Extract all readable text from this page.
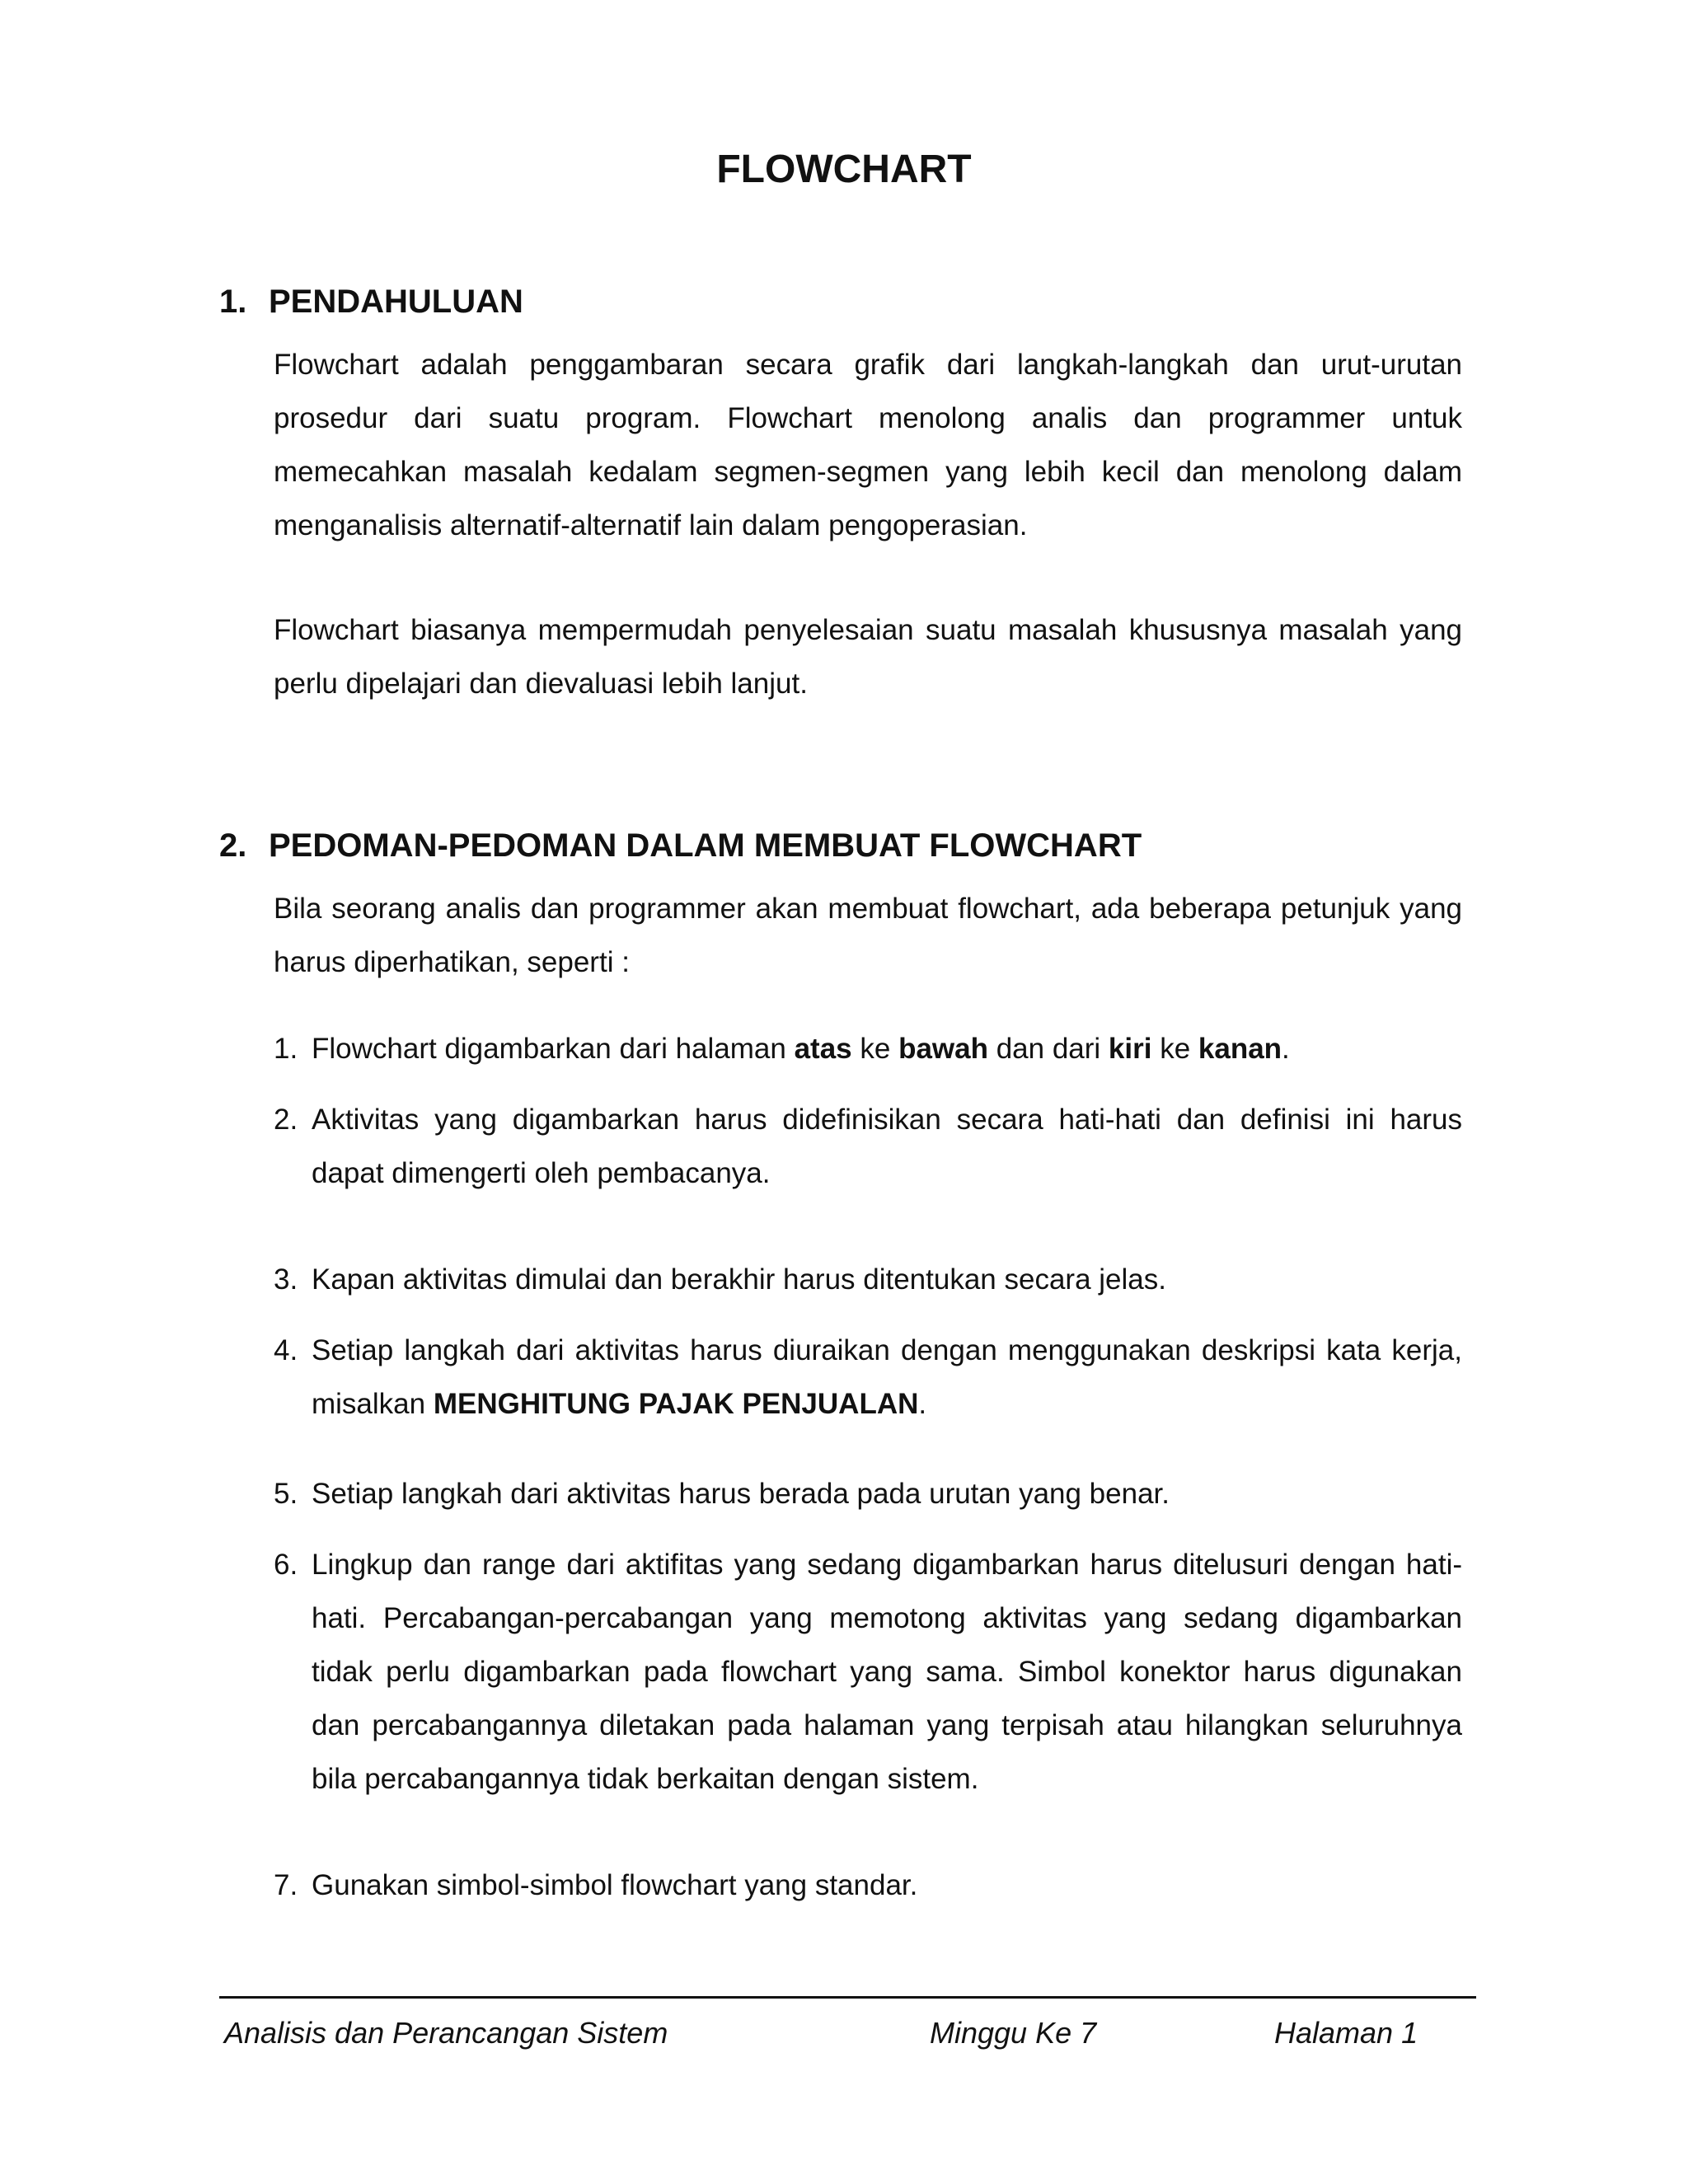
FLOWCHART
1. PENDAHULUAN

Flowchart adalah penggambaran secara grafik dari langkah-langkah dan urut-urutan prosedur dari suatu program. Flowchart menolong analis dan programmer untuk memecahkan masalah kedalam segmen-segmen yang lebih kecil dan menolong dalam menganalisis alternatif-alternatif lain dalam pengoperasian.

Flowchart biasanya mempermudah penyelesaian suatu masalah khususnya masalah yang perlu dipelajari dan dievaluasi lebih lanjut.

2. PEDOMAN-PEDOMAN DALAM MEMBUAT FLOWCHART

Bila seorang analis dan programmer akan membuat flowchart, ada beberapa petunjuk yang harus diperhatikan, seperti :

1. Flowchart digambarkan dari halaman atas ke bawah dan dari kiri ke kanan.
2. Aktivitas yang digambarkan harus didefinisikan secara hati-hati dan definisi ini harus dapat dimengerti oleh pembacanya.
3. Kapan aktivitas dimulai dan berakhir harus ditentukan secara jelas.
4. Setiap langkah dari aktivitas harus diuraikan dengan menggunakan deskripsi kata kerja, misalkan MENGHITUNG PAJAK PENJUALAN.
5. Setiap langkah dari aktivitas harus berada pada urutan yang benar.
6. Lingkup dan range dari aktifitas yang sedang digambarkan harus ditelusuri dengan hati-hati. Percabangan-percabangan yang memotong aktivitas yang sedang digambarkan tidak perlu digambarkan pada flowchart yang sama. Simbol konektor harus digunakan dan percabangannya diletakan pada halaman yang terpisah atau hilangkan seluruhnya bila percabangannya tidak berkaitan dengan sistem.
7. Gunakan simbol-simbol flowchart yang standar.
Analisis dan Perancangan Sistem	Minggu Ke 7	Halaman 1
